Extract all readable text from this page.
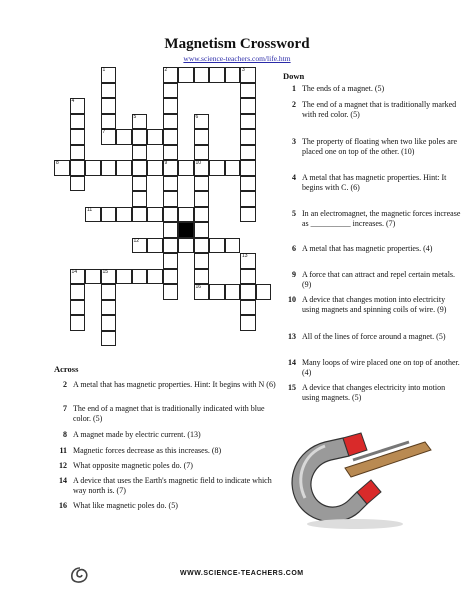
Magnetism Crossword
www.science-teachers.com/life.htm
1
7
2	3
9
4
5	6
10
8
16
11
12
13
14	15
Down
1 The ends of a magnet. (5)
2 The end of a magnet that is traditionally marked with red color. (5)
3 The property of floating when two like poles are placed one on top of the other. (10)
4 A metal that has magnetic properties. Hint: It begins with C. (6)
5 In an electromagnet, the magnetic forces increase as __________ increases. (7)
6 A metal that has magnetic properties. (4)
9 A force that can attract and repel certain metals. (9)
10 A device that changes motion into electricity using magnets and spinning coils of wire. (9)
13 All of the lines of force around a magnet. (5)
14 Many loops of wire placed one on top of another. (4)
15 A device that changes electricity into motion using magnets. (5)
Across
2 A metal that has magnetic properties. Hint: It begins with N (6)
7 The end of a magnet that is traditionally indicated with blue color. (5)
8 A magnet made by electric current. (13)
11 Magnetic forces decrease as this increases. (8)
12 What opposite magnetic poles do. (7)
14 A device that uses the Earth's magnetic field to indicate which way north is. (7)
16 What like magnetic poles do. (5)
WWW.SCIENCE-TEACHERS.COM
